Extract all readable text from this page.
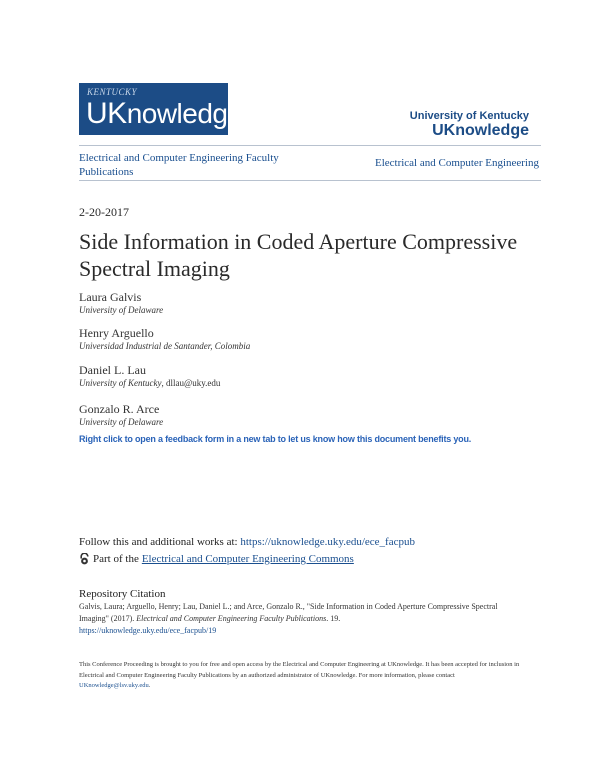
KENTUCKY
UKnowledge	University of Kentucky
UKnowledge
Electrical and Computer Engineering Faculty Publications
Electrical and Computer Engineering
2-20-2017
Side Information in Coded Aperture Compressive Spectral Imaging
Laura Galvis
University of Delaware
Henry Arguello
Universidad Industrial de Santander, Colombia
Daniel L. Lau
University of Kentucky, dllau@uky.edu
Gonzalo R. Arce
University of Delaware
Right click to open a feedback form in a new tab to let us know how this document benefits you.
Follow this and additional works at: https://uknowledge.uky.edu/ece_facpub
Part of the Electrical and Computer Engineering Commons
Repository Citation
Galvis, Laura; Arguello, Henry; Lau, Daniel L.; and Arce, Gonzalo R., "Side Information in Coded Aperture Compressive Spectral Imaging" (2017). Electrical and Computer Engineering Faculty Publications. 19.
https://uknowledge.uky.edu/ece_facpub/19
This Conference Proceeding is brought to you for free and open access by the Electrical and Computer Engineering at UKnowledge. It has been accepted for inclusion in Electrical and Computer Engineering Faculty Publications by an authorized administrator of UKnowledge. For more information, please contact UKnowledge@lsv.uky.edu.
